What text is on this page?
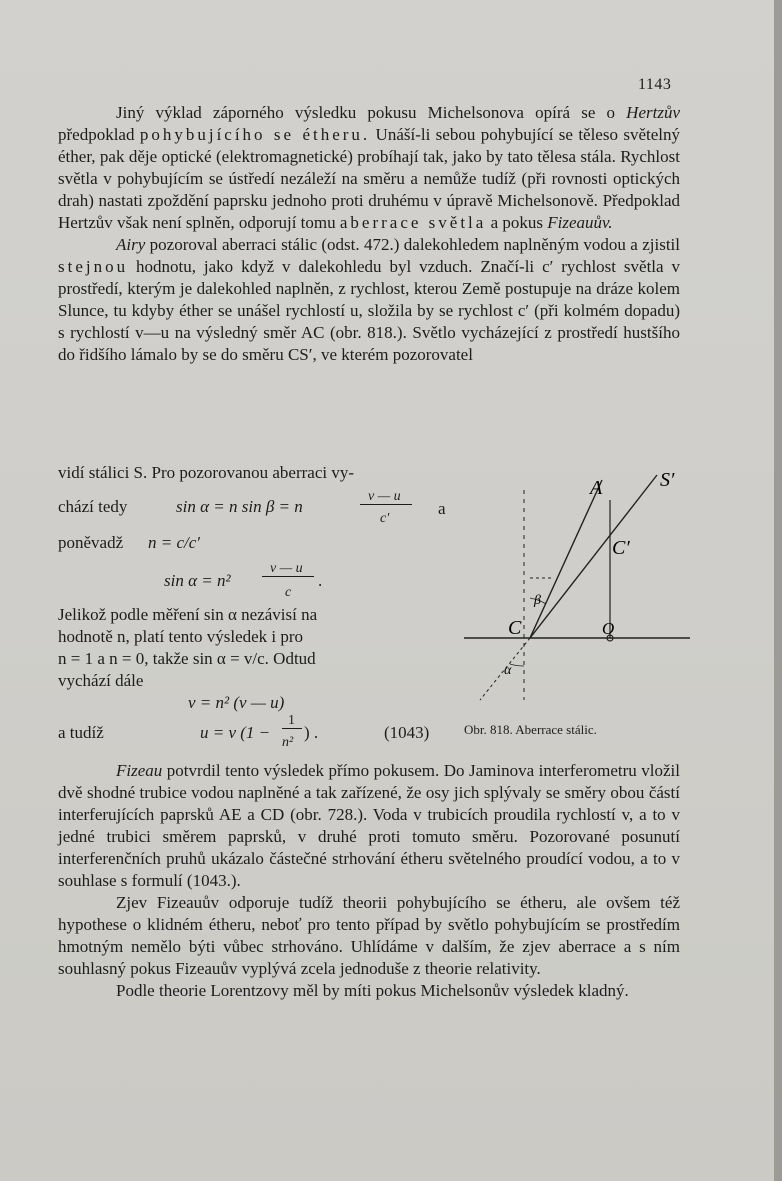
1143

Jiný výklad záporného výsledku pokusu Michelsonova opírá se o Hertzův předpoklad pohybujícího se étheru. Unáší-li sebou pohybující se těleso světelný éther, pak děje optické (elektromagnetické) probíhají tak, jako by tato tělesa stála. Rychlost světla v pohybujícím se ústředí nezáleží na směru a nemůže tudíž (při rovnosti optických drah) nastati zpoždění paprsku jednoho proti druhému v úpravě Michelsonově. Předpoklad Hertzův však není splněn, odporují tomu aberrace světla a pokus Fizeauův.

Airy pozoroval aberraci stálic (odst. 472.) dalekohledem naplněným vodou a zjistil stejnou hodnotu, jako když v dalekohledu byl vzduch. Značí-li c′ rychlost světla v prostředí, kterým je dalekohled naplněn, z rychlost, kterou Země postupuje na dráze kolem Slunce, tu kdyby éther se unášel rychlostí u, složila by se rychlost c′ (při kolmém dopadu) s rychlostí v—u na výsledný směr AC (obr. 818.). Světlo vycházející z prostředí hustšího do řidšího lámalo by se do směru CS′, ve kterém pozorovatel

vidí stálici S. Pro pozorovanou aberraci vy-
chází tedy	sin α = n sin β = n
v — u
c′
a
poněvadž n = c/c′
sin α = n²
v — u
c
.
Jelikož podle měření sin α nezávisí na
hodnotě n, platí tento výsledek i pro
n = 1 a n = 0, takže sin α = v/c. Odtud
vychází dále
v = n² (v — u)
a tudíž	u = v (1 −
1
n²
) .	(1043)
A	S′
C′
C	O
β
α
Obr. 818. Aberrace stálic.

Fizeau potvrdil tento výsledek přímo pokusem. Do Jaminova interferometru vložil dvě shodné trubice vodou naplněné a tak zařízené, že osy jich splývaly se směry obou částí interferujících paprsků AE a CD (obr. 728.). Voda v trubicích proudila rychlostí v, a to v jedné trubici směrem paprsků, v druhé proti tomuto směru. Pozorované posunutí interferenčních pruhů ukázalo částečné strhování étheru světelného proudící vodou, a to v souhlase s formulí (1043.).

Zjev Fizeauův odporuje tudíž theorii pohybujícího se étheru, ale ovšem též hypothese o klidném étheru, neboť pro tento případ by světlo pohybujícím se prostředím hmotným nemělo býti vůbec strhováno. Uhlídáme v dalším, že zjev aberrace a s ním souhlasný pokus Fizeauův vyplývá zcela jednoduše z theorie relativity.

Podle theorie Lorentzovy měl by míti pokus Michelsonův výsledek kladný.
